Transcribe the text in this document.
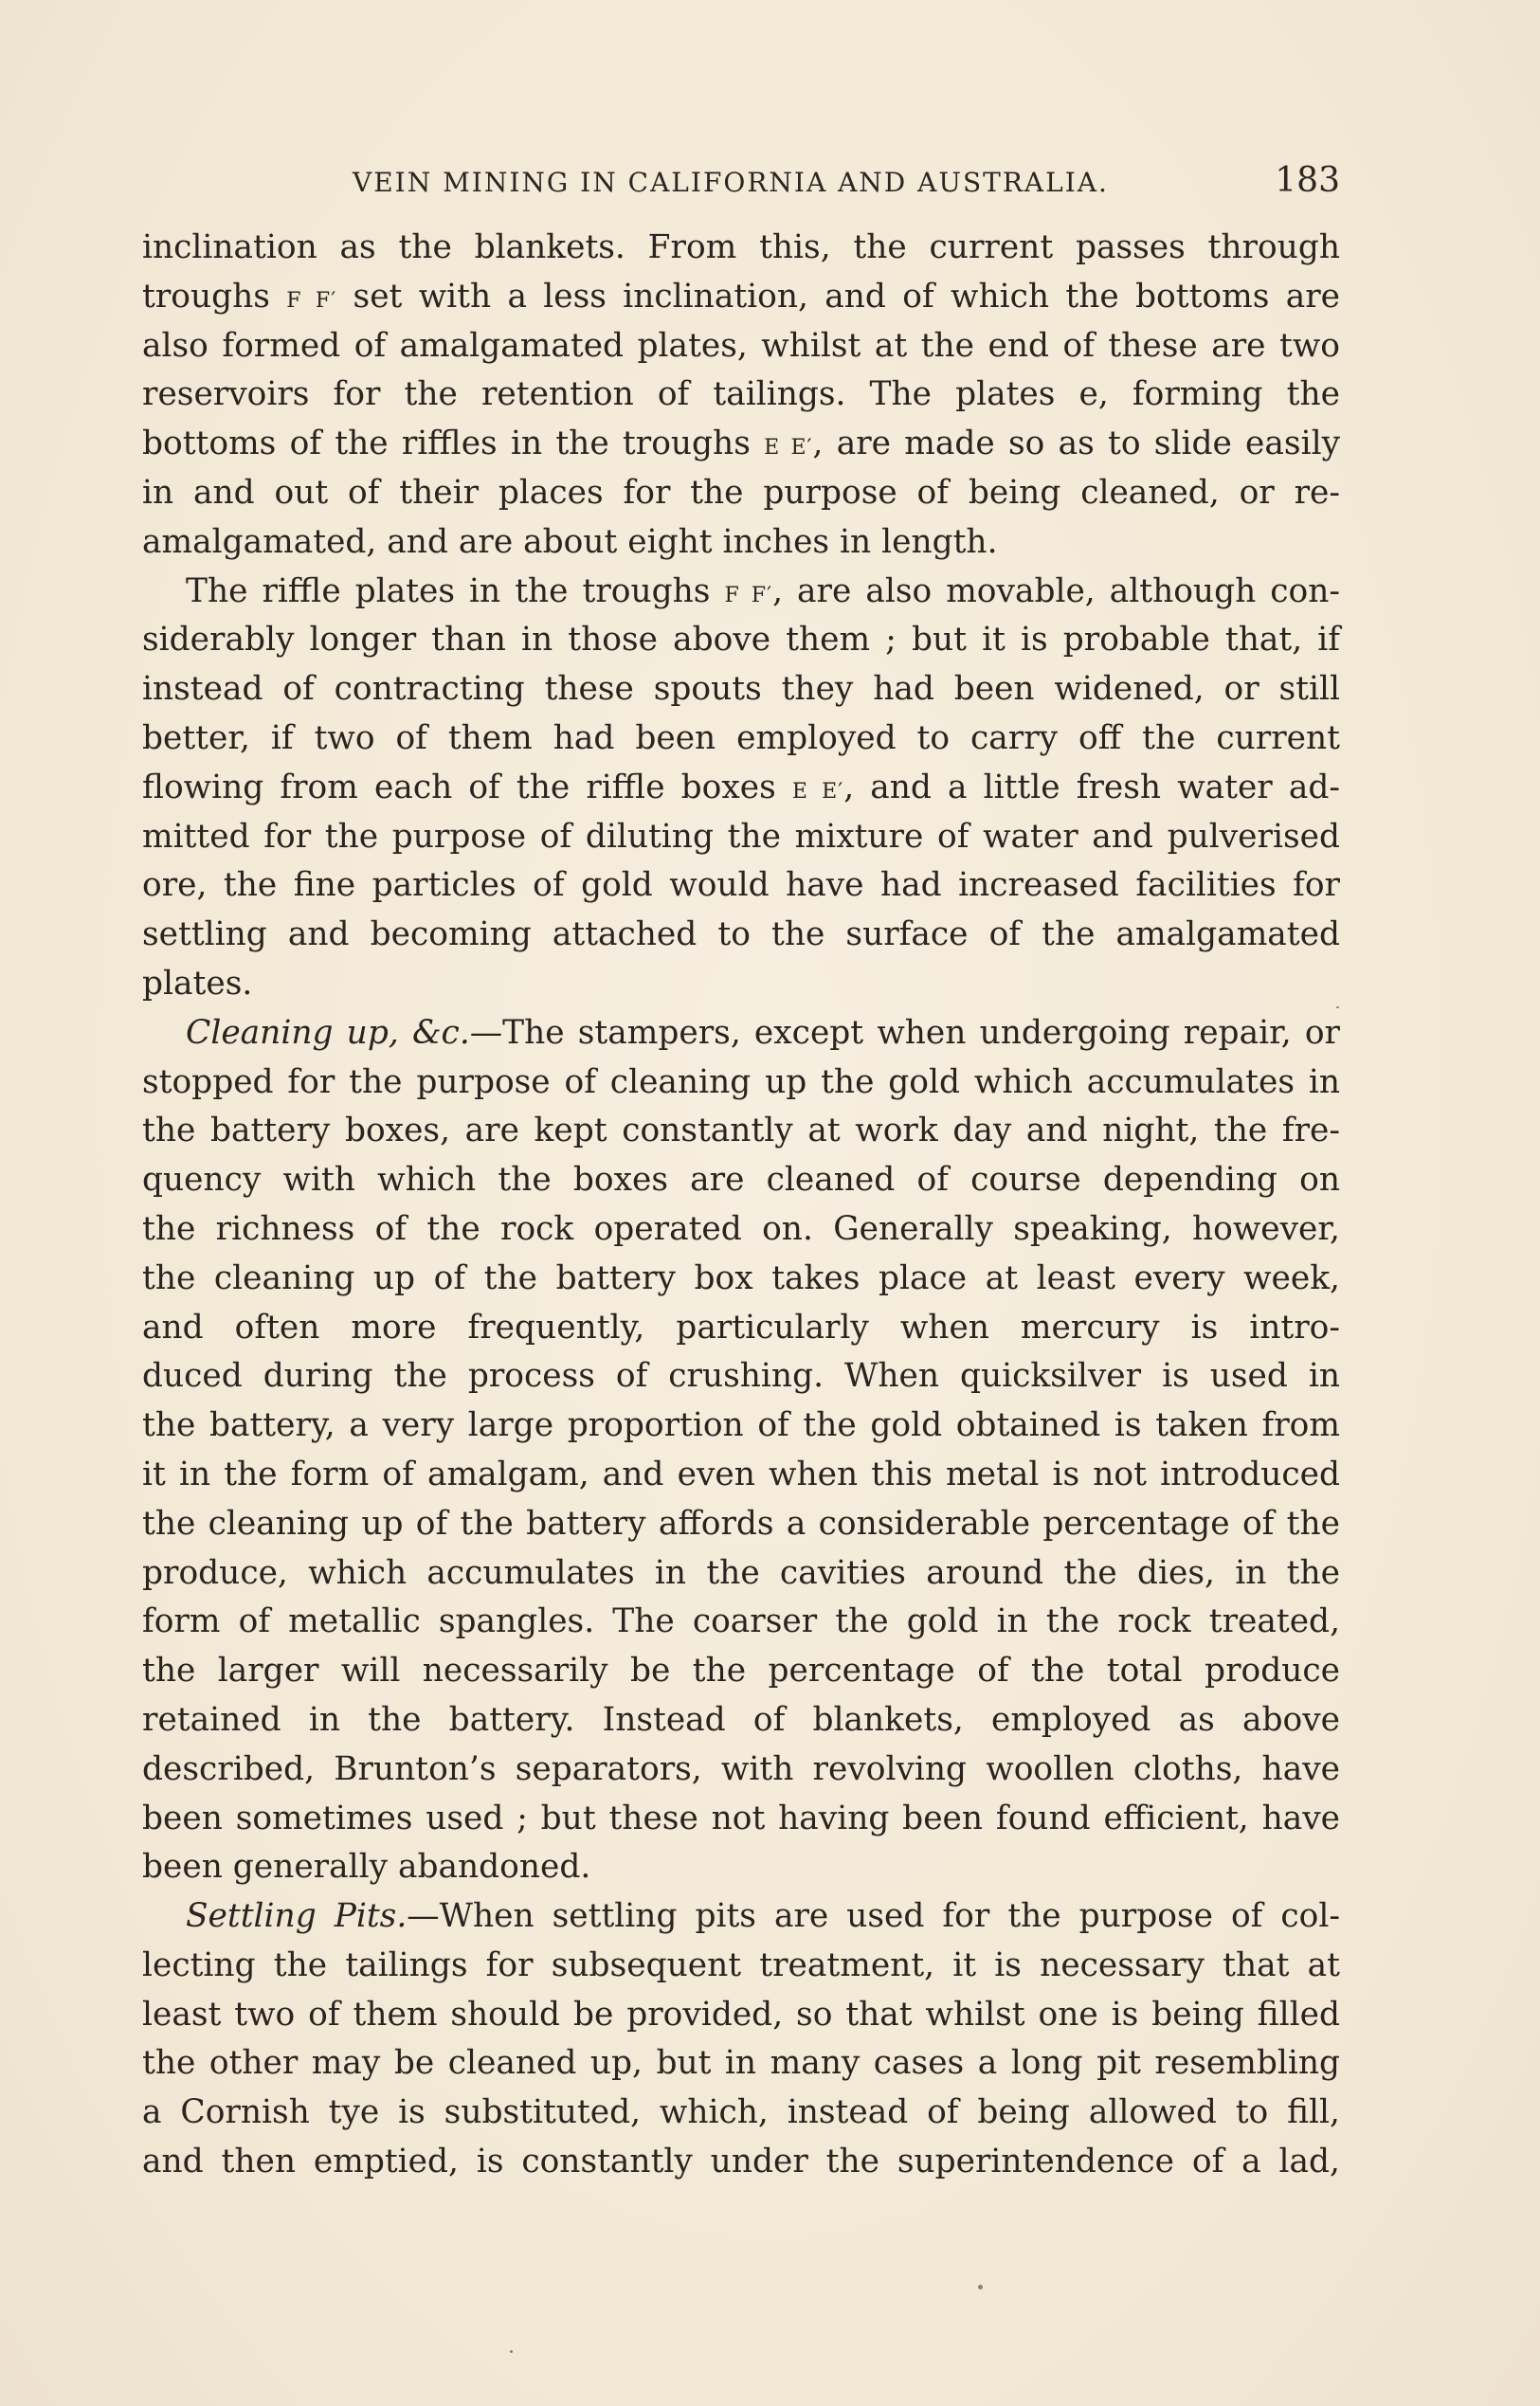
VEIN MINING IN CALIFORNIA AND AUSTRALIA.	183
inclination as the blankets. From this, the current passes through
troughs F F′ set with a less inclination, and of which the bottoms are
also formed of amalgamated plates, whilst at the end of these are two
reservoirs for the retention of tailings. The plates e, forming the
bottoms of the riffles in the troughs E E′, are made so as to slide easily
in and out of their places for the purpose of being cleaned, or re-
amalgamated, and are about eight inches in length.
The riffle plates in the troughs F F′, are also movable, although con-
siderably longer than in those above them ; but it is probable that, if
instead of contracting these spouts they had been widened, or still
better, if two of them had been employed to carry off the current
flowing from each of the riffle boxes E E′, and a little fresh water ad-
mitted for the purpose of diluting the mixture of water and pulverised
ore, the fine particles of gold would have had increased facilities for
settling and becoming attached to the surface of the amalgamated
plates.
Cleaning up, &c.—The stampers, except when undergoing repair, or
stopped for the purpose of cleaning up the gold which accumulates in
the battery boxes, are kept constantly at work day and night, the fre-
quency with which the boxes are cleaned of course depending on
the richness of the rock operated on. Generally speaking, however,
the cleaning up of the battery box takes place at least every week,
and often more frequently, particularly when mercury is intro-
duced during the process of crushing. When quicksilver is used in
the battery, a very large proportion of the gold obtained is taken from
it in the form of amalgam, and even when this metal is not introduced
the cleaning up of the battery affords a considerable percentage of the
produce, which accumulates in the cavities around the dies, in the
form of metallic spangles. The coarser the gold in the rock treated,
the larger will necessarily be the percentage of the total produce
retained in the battery. Instead of blankets, employed as above
described, Brunton’s separators, with revolving woollen cloths, have
been sometimes used ; but these not having been found efficient, have
been generally abandoned.
Settling Pits.—When settling pits are used for the purpose of col-
lecting the tailings for subsequent treatment, it is necessary that at
least two of them should be provided, so that whilst one is being filled
the other may be cleaned up, but in many cases a long pit resembling
a Cornish tye is substituted, which, instead of being allowed to fill,
and then emptied, is constantly under the superintendence of a lad,
